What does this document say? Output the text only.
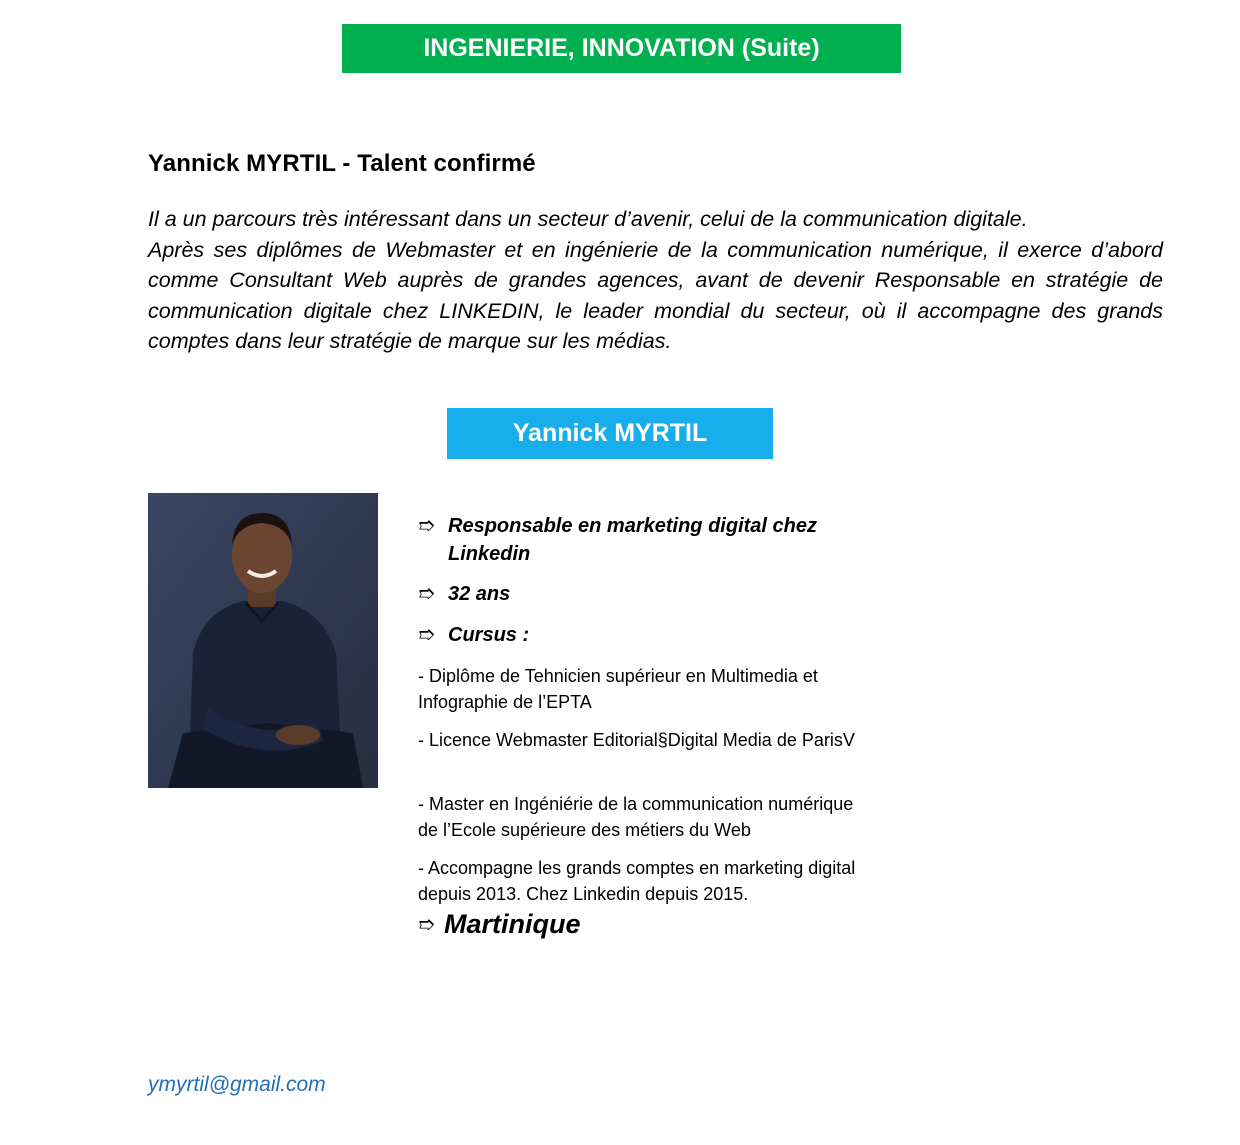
INGENIERIE, INNOVATION (Suite)
Yannick MYRTIL - Talent confirmé

Il a un parcours très intéressant dans un secteur d’avenir, celui de la communication digitale.

Après ses diplômes de Webmaster et en ingénierie de la communication numérique, il exerce d’abord comme Consultant Web auprès de grandes agences, avant de devenir Responsable en stratégie de communication digitale chez LINKEDIN, le leader mondial du secteur, où il accompagne des grands comptes dans leur stratégie de marque sur les médias.

Yannick MYRTIL
➱ Responsable en marketing digital chez Linkedin
➱ 32 ans
➱ Cursus :
- Diplôme de Tehnicien supérieur en Multimedia et Infographie de l’EPTA
- Licence Webmaster Editorial§Digital Media de ParisV
- Master en Ingéniérie de la communication numérique de l’Ecole supérieure des métiers du Web
- Accompagne les grands comptes en marketing digital depuis 2013. Chez Linkedin depuis 2015.
➱ Martinique
ymyrtil@gmail.com
